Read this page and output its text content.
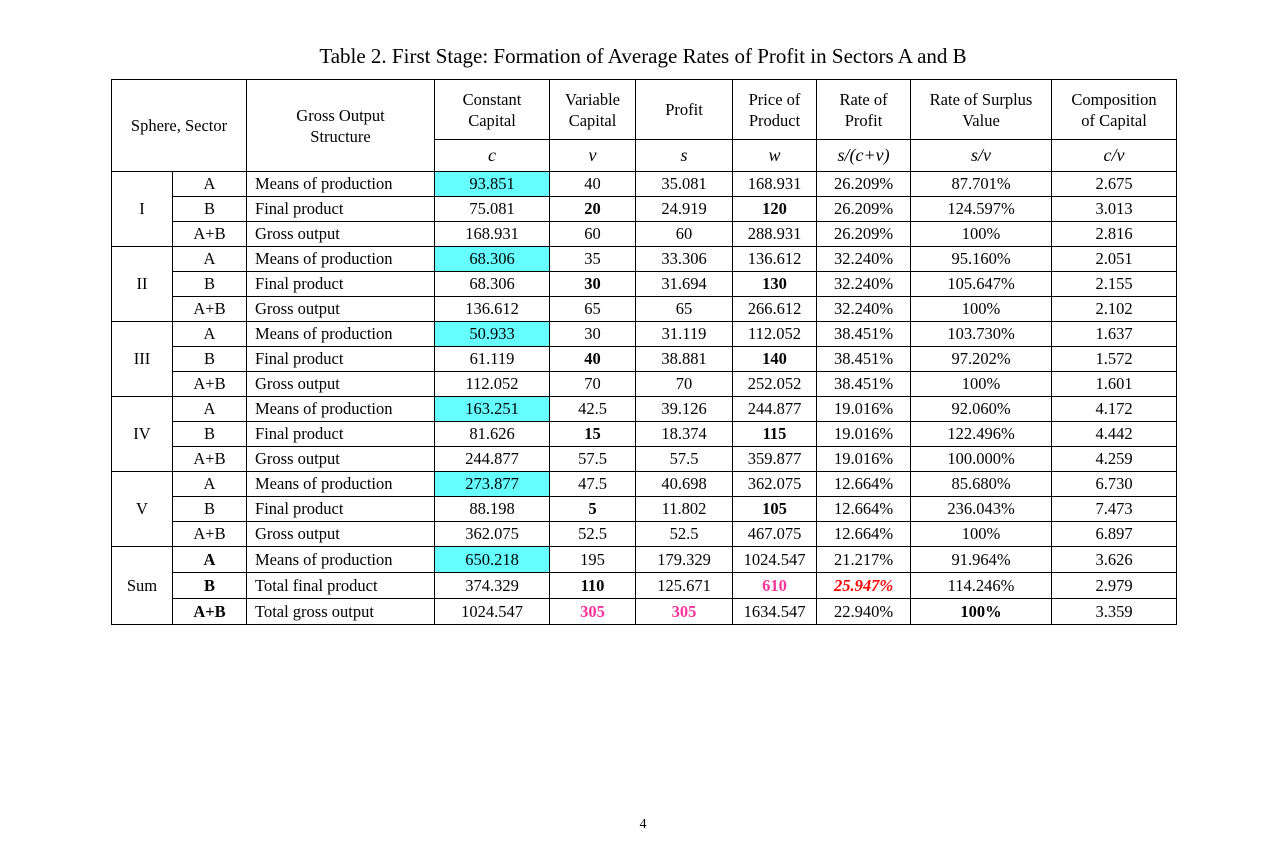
Table 2. First Stage: Formation of Average Rates of Profit in Sectors A and B
Sphere, Sector		Gross Output Structure	Constant Capital	Variable Capital	Profit	Price of Product	Rate of Profit	Rate of Surplus Value	Composition of Capital
			c	v	s	w	s/(c+v)	s/v	c/v
I	A	Means of production	93.851	40	35.081	168.931	26.209%	87.701%	2.675
	B	Final product	75.081	20	24.919	120	26.209%	124.597%	3.013
	A+B	Gross output	168.931	60	60	288.931	26.209%	100%	2.816
II	A	Means of production	68.306	35	33.306	136.612	32.240%	95.160%	2.051
	B	Final product	68.306	30	31.694	130	32.240%	105.647%	2.155
	A+B	Gross output	136.612	65	65	266.612	32.240%	100%	2.102
III	A	Means of production	50.933	30	31.119	112.052	38.451%	103.730%	1.637
	B	Final product	61.119	40	38.881	140	38.451%	97.202%	1.572
	A+B	Gross output	112.052	70	70	252.052	38.451%	100%	1.601
IV	A	Means of production	163.251	42.5	39.126	244.877	19.016%	92.060%	4.172
	B	Final product	81.626	15	18.374	115	19.016%	122.496%	4.442
	A+B	Gross output	244.877	57.5	57.5	359.877	19.016%	100.000%	4.259
V	A	Means of production	273.877	47.5	40.698	362.075	12.664%	85.680%	6.730
	B	Final product	88.198	5	11.802	105	12.664%	236.043%	7.473
	A+B	Gross output	362.075	52.5	52.5	467.075	12.664%	100%	6.897
Sum	A	Means of production	650.218	195	179.329	1024.547	21.217%	91.964%	3.626
	B	Total final product	374.329	110	125.671	610	25.947%	114.246%	2.979
	A+B	Total gross output	1024.547	305	305	1634.547	22.940%	100%	3.359
4
